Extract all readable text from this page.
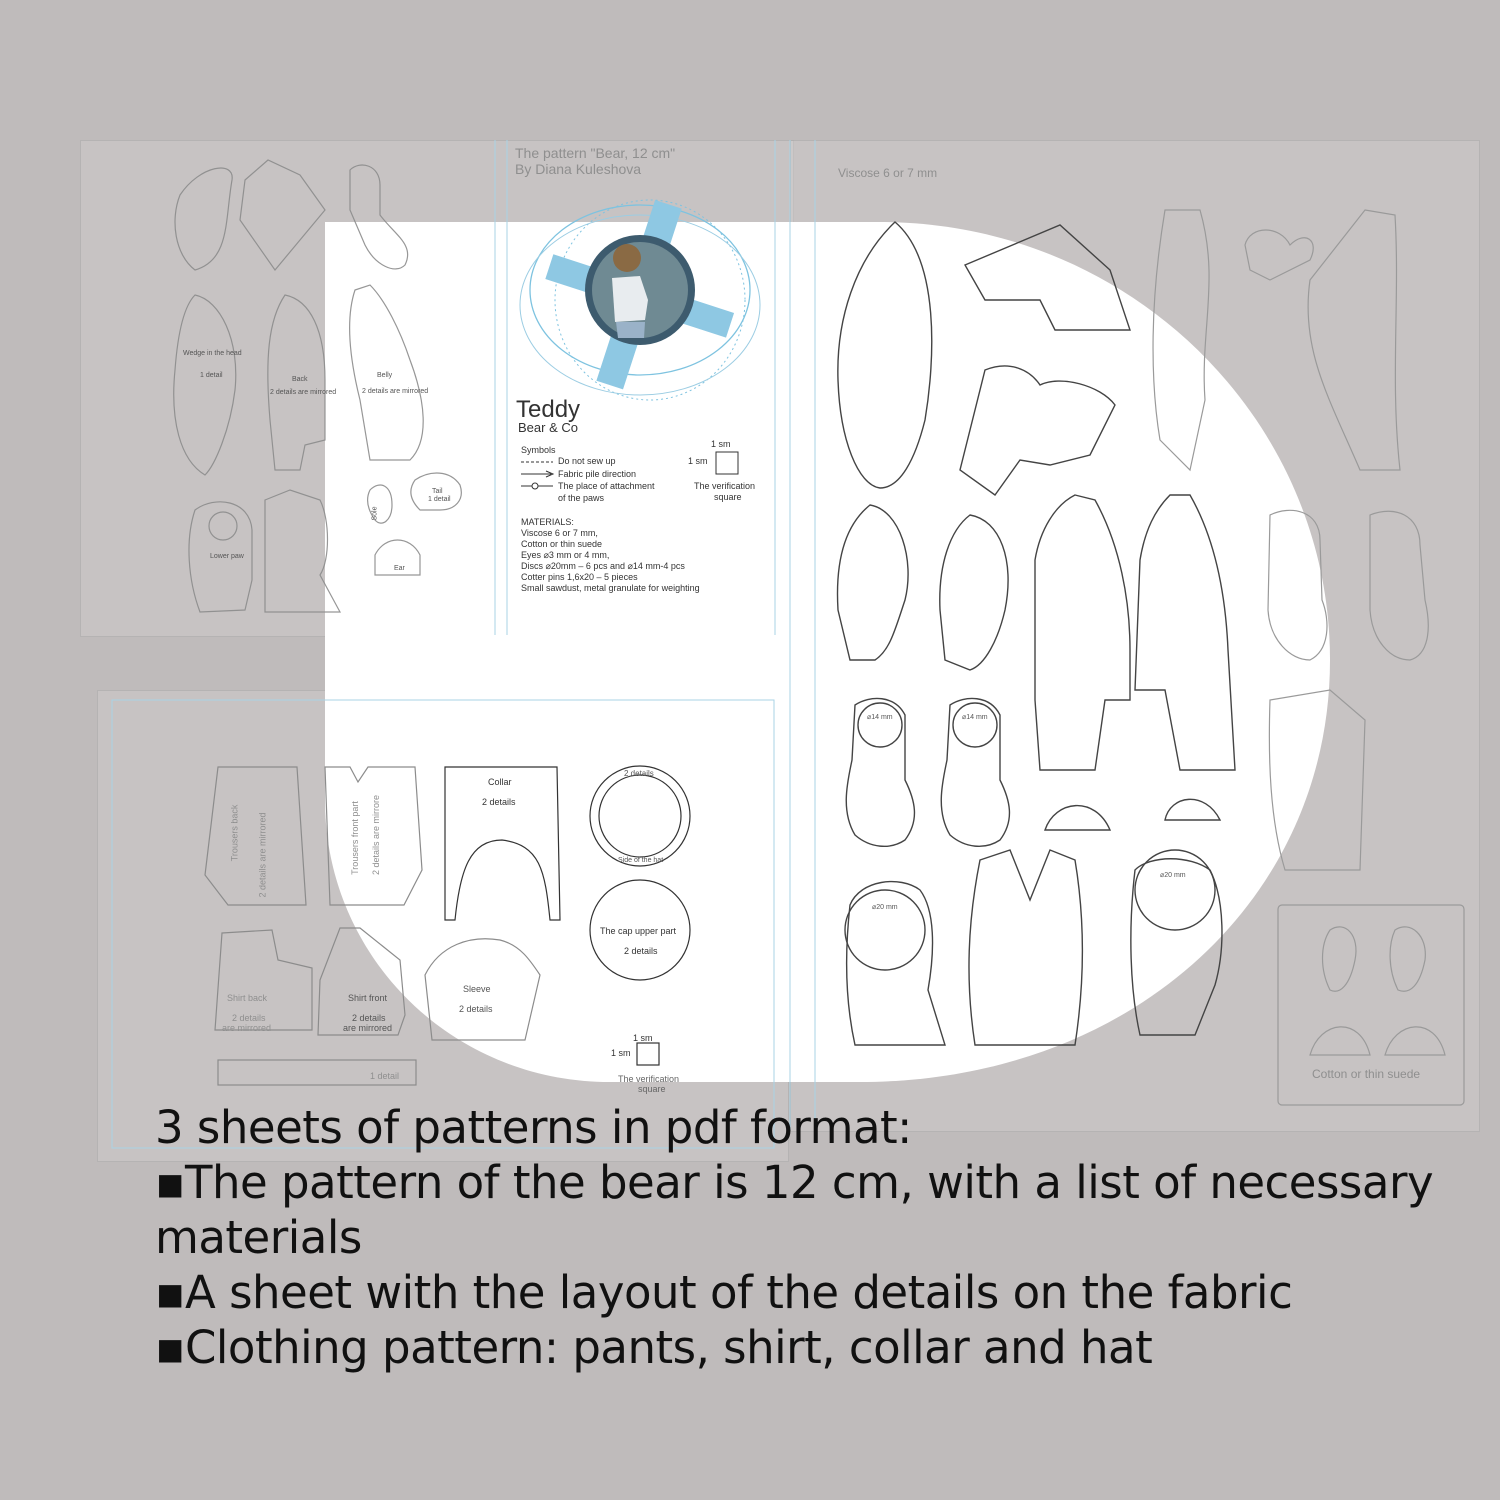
The pattern "Bear, 12 cm"
By Diana Kuleshova
Teddy
Bear & Co
Symbols
Do not sew up
Fabric pile direction
The place of attachment
of the paws
1 sm
1 sm
The verification
square
MATERIALS:
Viscose 6 or 7 mm,
Cotton or thin suede
Eyes ⌀3 mm or 4 mm,
Discs ⌀20mm – 6 pcs and ⌀14 mm-4 pcs
Cotter pins 1,6x20 – 5 pieces
Small sawdust, metal granulate for weighting
Back
2 details are mirrored
Belly
2 details are mirrored
Tail
1 detail
Ear
Sole
Wedge in the head
1 detail
Lower paw
Trousers back 2 details are mirrored	Trousers front part 2 details are mirrore
Collar
2 details
2 details
Side of the hat
The cap upper part
2 details
Shirt back
2 details
are mirrored
Shirt front
2 details
are mirrored
Sleeve
2 details
1 detail
1 sm
1 sm
The verification
square
Viscose 6 or 7 mm
⌀14 mm	⌀14 mm
⌀20 mm
⌀20 mm
Cotton or thin suede
3 sheets of patterns in pdf format:
▪The pattern of the bear is 12 cm, with a list of necessary materials
▪A sheet with the layout of the details on the fabric
▪Clothing pattern: pants, shirt, collar and hat
